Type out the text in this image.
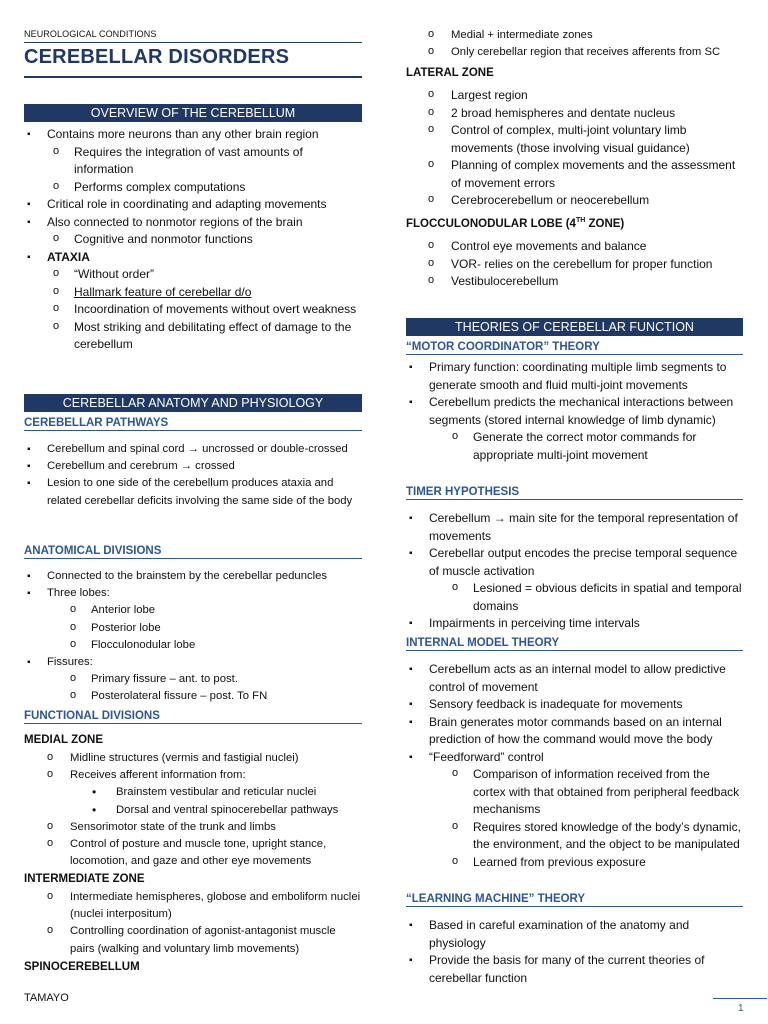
NEUROLOGICAL CONDITIONS
CEREBELLAR DISORDERS
OVERVIEW OF THE CEREBELLUM
▪ Contains more neurons than any other brain region
o Requires the integration of vast amounts of information
o Performs complex computations
▪ Critical role in coordinating and adapting movements
▪ Also connected to nonmotor regions of the brain
o Cognitive and nonmotor functions
▪ ATAXIA
o “Without order”
o Hallmark feature of cerebellar d/o
o Incoordination of movements without overt weakness
o Most striking and debilitating effect of damage to the cerebellum
CEREBELLAR ANATOMY AND PHYSIOLOGY
CEREBELLAR PATHWAYS
▪ Cerebellum and spinal cord → uncrossed or double-crossed
▪ Cerebellum and cerebrum → crossed
▪ Lesion to one side of the cerebellum produces ataxia and related cerebellar deficits involving the same side of the body
ANATOMICAL DIVISIONS
▪ Connected to the brainstem by the cerebellar peduncles
▪ Three lobes:
o Anterior lobe
o Posterior lobe
o Flocculonodular lobe
▪ Fissures:
o Primary fissure – ant. to post.
o Posterolateral fissure – post. To FN
FUNCTIONAL DIVISIONS
MEDIAL ZONE
o Midline structures (vermis and fastigial nuclei)
o Receives afferent information from:
• Brainstem vestibular and reticular nuclei
• Dorsal and ventral spinocerebellar pathways
o Sensorimotor state of the trunk and limbs
o Control of posture and muscle tone, upright stance, locomotion, and gaze and other eye movements
INTERMEDIATE ZONE
o Intermediate hemispheres, globose and emboliform nuclei (nuclei interpositum)
o Controlling coordination of agonist-antagonist muscle pairs (walking and voluntary limb movements)
SPINOCEREBELLUM
o Medial + intermediate zones
o Only cerebellar region that receives afferents from SC
LATERAL ZONE
o Largest region
o 2 broad hemispheres and dentate nucleus
o Control of complex, multi-joint voluntary limb movements (those involving visual guidance)
o Planning of complex movements and the assessment of movement errors
o Cerebrocerebellum or neocerebellum
FLOCCULONODULAR LOBE (4TH ZONE)
o Control eye movements and balance
o VOR- relies on the cerebellum for proper function
o Vestibulocerebellum
THEORIES OF CEREBELLAR FUNCTION
“MOTOR COORDINATOR” THEORY
▪ Primary function: coordinating multiple limb segments to generate smooth and fluid multi-joint movements
▪ Cerebellum predicts the mechanical interactions between segments (stored internal knowledge of limb dynamic)
o Generate the correct motor commands for appropriate multi-joint movement
TIMER HYPOTHESIS
▪ Cerebellum → main site for the temporal representation of movements
▪ Cerebellar output encodes the precise temporal sequence of muscle activation
o Lesioned = obvious deficits in spatial and temporal domains
▪ Impairments in perceiving time intervals
INTERNAL MODEL THEORY
▪ Cerebellum acts as an internal model to allow predictive control of movement
▪ Sensory feedback is inadequate for movements
▪ Brain generates motor commands based on an internal prediction of how the command would move the body
▪ “Feedforward” control
o Comparison of information received from the cortex with that obtained from peripheral feedback mechanisms
o Requires stored knowledge of the body’s dynamic, the environment, and the object to be manipulated
o Learned from previous exposure
“LEARNING MACHINE” THEORY
▪ Based in careful examination of the anatomy and physiology
▪ Provide the basis for many of the current theories of cerebellar function
TAMAYO
1
